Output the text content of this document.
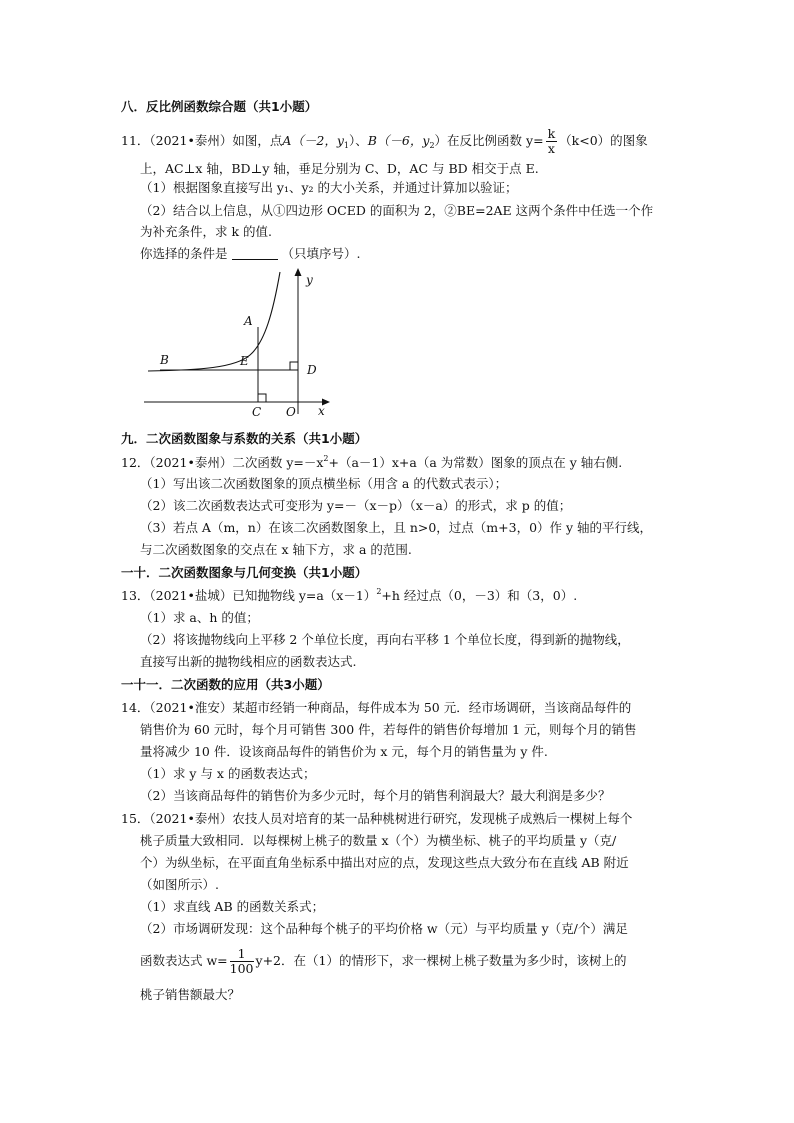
八．反比例函数综合题（共1小题）
11．（2021•泰州）如图，点A（－2，$y_1$）、B（－6，$y_2$）在反比例函数 $y= \frac{k}{x} (k<0)$的图象
上，AC⊥x 轴，BD⊥y 轴，垂足分别为 C、D，AC 与 BD 相交于点 E.
（1）根据图象直接写出 y₁、y₂ 的大小关系，并通过计算加以验证；
（2）结合以上信息，从①四边形 OCED 的面积为 2，②BE=2AE 这两个条件中任选一个作
为补充条件，求 k 的值.
你选择的条件是	（只填序号）.
A
B	E
D
C O x
y
九．二次函数图象与系数的关系（共1小题）
12．（2021•泰州）二次函数 $y=-x^2+(a-1)x+a(a$ 为常数）图象的顶点在 y 轴右侧.
（1）写出该二次函数图象的顶点横坐标（用含 a 的代数式表示）；
（2）该二次函数表达式可变形为 y=－（x－p）（x－a）的形式，求 p 的值；
（3）若点 A（m，n）在该二次函数图象上，且 n>0，过点（m+3，0）作 y 轴的平行线，
与二次函数图象的交点在 x 轴下方，求 a 的范围.
一十．二次函数图象与几何变换（共1小题）
13．（2021•盐城）已知抛物线 $y=a(x-1)^2+h$ 经过点（0，－3）和（3，0）.
（1）求 a、h 的值；
（2）将该抛物线向上平移 2 个单位长度，再向右平移 1 个单位长度，得到新的抛物线，
直接写出新的抛物线相应的函数表达式.
一十一．二次函数的应用（共3小题）
14．（2021•淮安）某超市经销一种商品，每件成本为 50 元．经市场调研，当该商品每件的
销售价为 60 元时，每个月可销售 300 件，若每件的销售价每增加 1 元，则每个月的销售
量将减少 10 件．设该商品每件的销售价为 x 元，每个月的销售量为 y 件.
（1）求 y 与 x 的函数表达式；
（2）当该商品每件的销售价为多少元时，每个月的销售利润最大？最大利润是多少？
15．（2021•泰州）农技人员对培育的某一品种桃树进行研究，发现桃子成熟后一棵树上每个
桃子质量大致相同．以每棵树上桃子的数量 x（个）为横坐标、桃子的平均质量 y（克/
个）为纵坐标，在平面直角坐标系中描出对应的点，发现这些点大致分布在直线 AB 附近
（如图所示）.
（1）求直线 AB 的函数关系式；
（2）市场调研发现：这个品种每个桃子的平均价格 w（元）与平均质量 y（克/个）满足
函数表达式 $w= \frac{1}{100} y+2$．在（1）的情形下，求一棵树上桃子数量为多少时，该树上的
桃子销售额最大？
